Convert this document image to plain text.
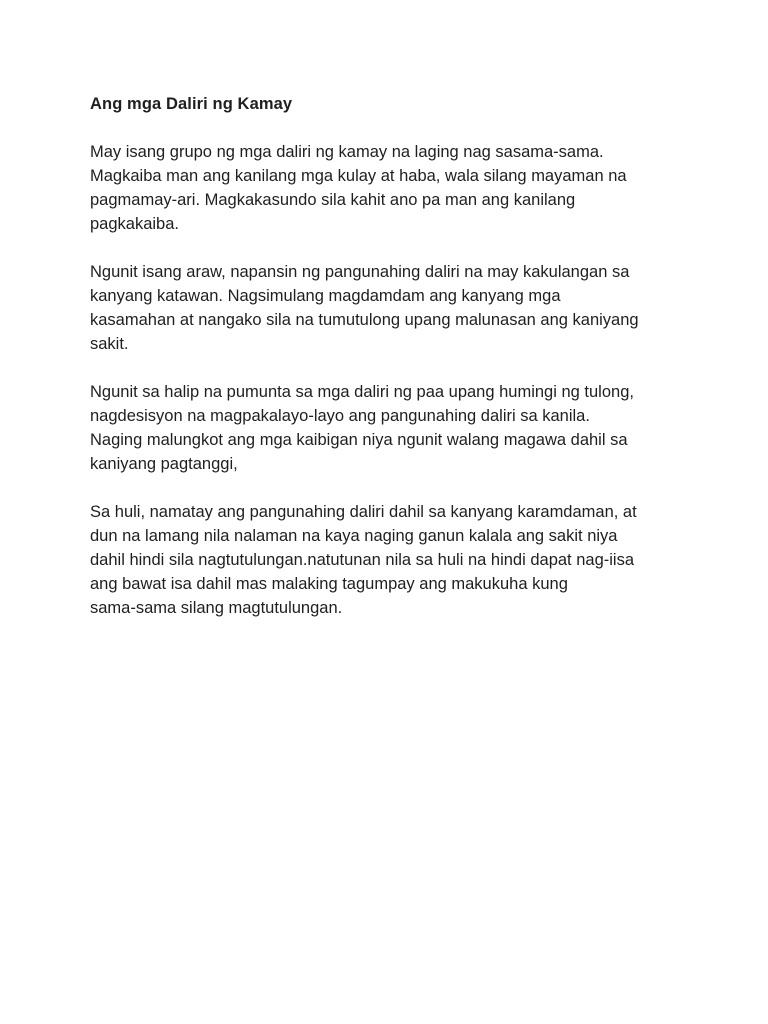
Ang mga Daliri ng Kamay

May isang grupo ng mga daliri ng kamay na laging nag sasama-sama.
Magkaiba man ang kanilang mga kulay at haba, wala silang mayaman na
pagmamay-ari. Magkakasundo sila kahit ano pa man ang kanilang
pagkakaiba.

Ngunit isang araw, napansin ng pangunahing daliri na may kakulangan sa
kanyang katawan. Nagsimulang magdamdam ang kanyang mga
kasamahan at nangako sila na tumutulong upang malunasan ang kaniyang
sakit.

Ngunit sa halip na pumunta sa mga daliri ng paa upang humingi ng tulong,
nagdesisyon na magpakalayo-layo ang pangunahing daliri sa kanila.
Naging malungkot ang mga kaibigan niya ngunit walang magawa dahil sa
kaniyang pagtanggi,

Sa huli, namatay ang pangunahing daliri dahil sa kanyang karamdaman, at
dun na lamang nila nalaman na kaya naging ganun kalala ang sakit niya
dahil hindi sila nagtutulungan.natutunan nila sa huli na hindi dapat nag-iisa
ang bawat isa dahil mas malaking tagumpay ang makukuha kung
sama-sama silang magtutulungan.
